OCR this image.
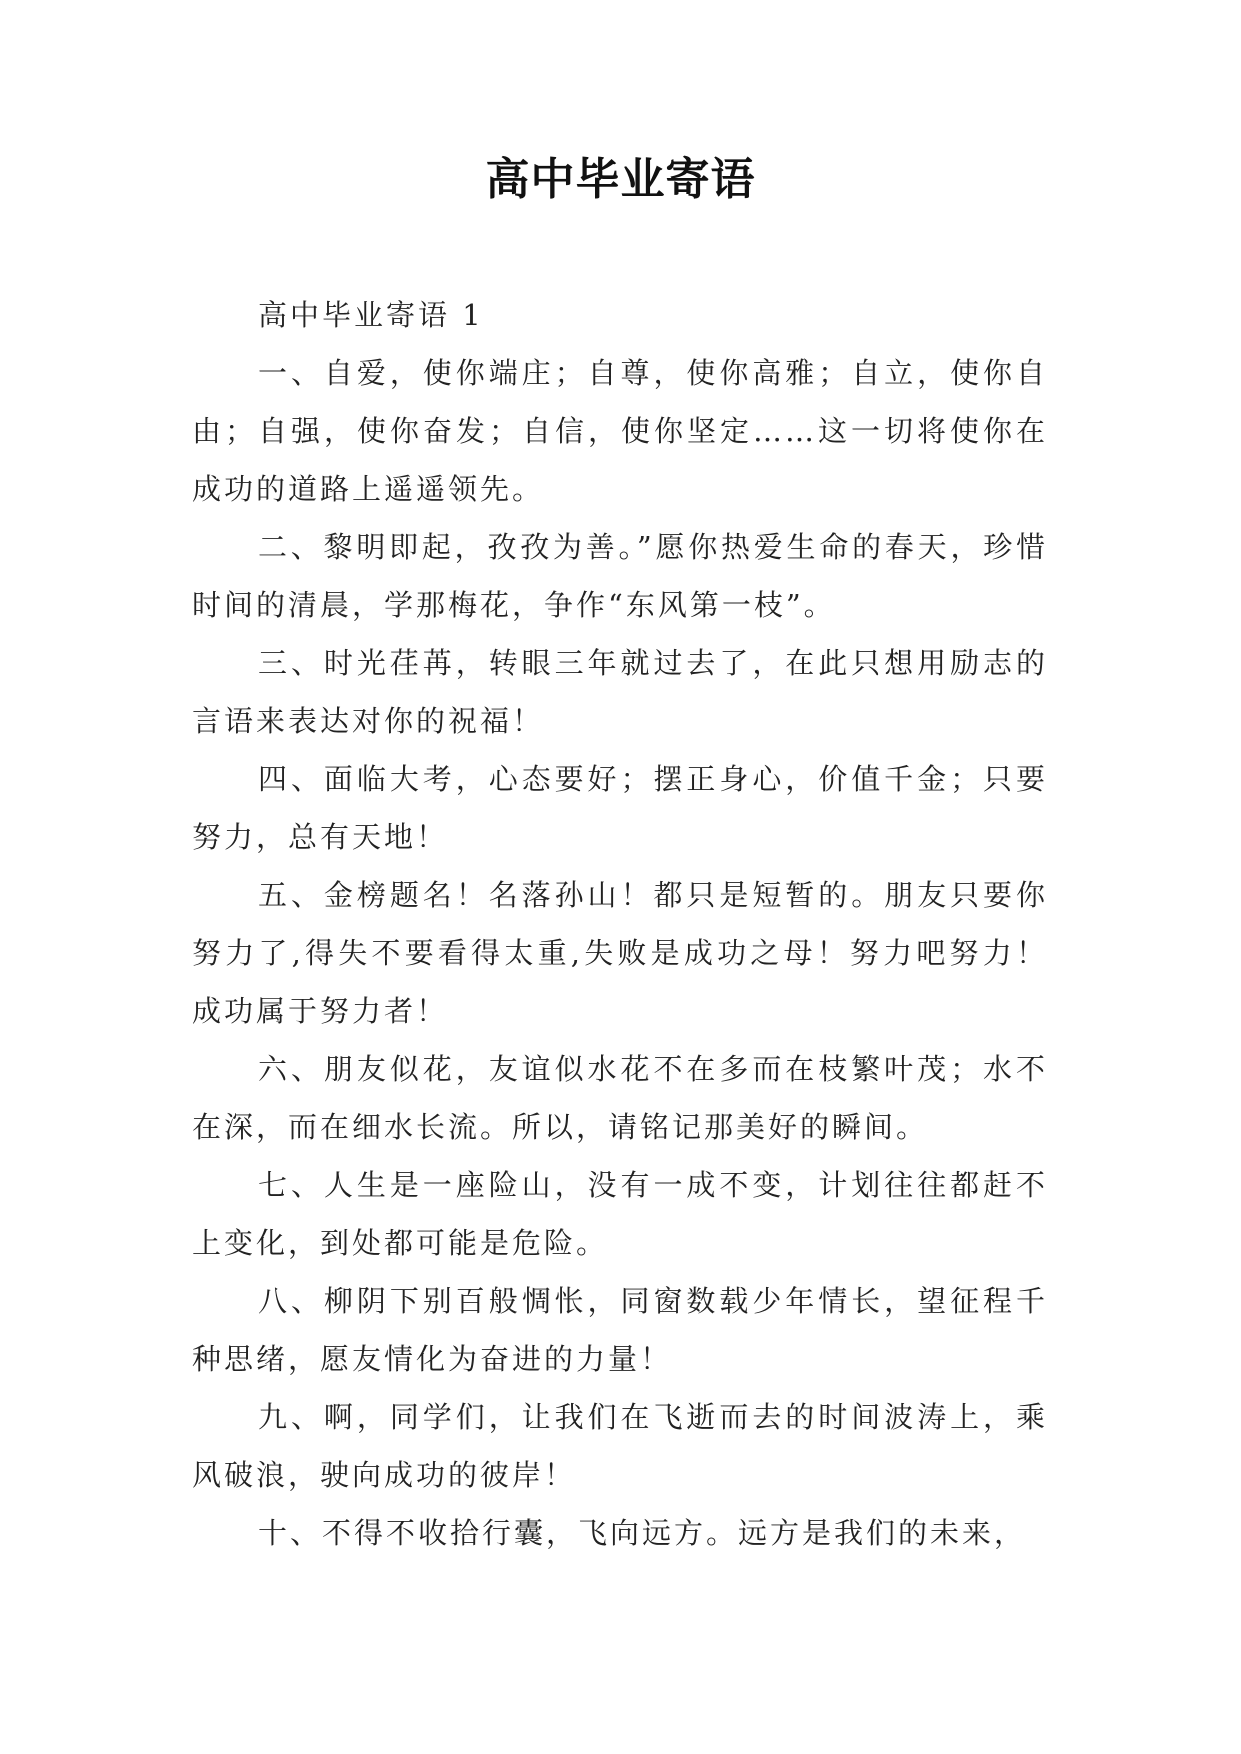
高中毕业寄语

高中毕业寄语 1

一、自爱，使你端庄；自尊，使你高雅；自立，使你自由；自强，使你奋发；自信，使你坚定……这一切将使你在成功的道路上遥遥领先。

二、黎明即起，孜孜为善。”愿你热爱生命的春天，珍惜时间的清晨，学那梅花，争作“东风第一枝”。

三、时光荏苒，转眼三年就过去了，在此只想用励志的言语来表达对你的祝福！

四、面临大考，心态要好；摆正身心，价值千金；只要努力，总有天地！

五、金榜题名！名落孙山！都只是短暂的。朋友只要你努力了,得失不要看得太重,失败是成功之母！努力吧努力！成功属于努力者！

六、朋友似花，友谊似水花不在多而在枝繁叶茂；水不在深，而在细水长流。所以，请铭记那美好的瞬间。

七、人生是一座险山，没有一成不变，计划往往都赶不上变化，到处都可能是危险。

八、柳阴下别百般惆怅，同窗数载少年情长，望征程千种思绪，愿友情化为奋进的力量！

九、啊，同学们，让我们在飞逝而去的时间波涛上，乘风破浪，驶向成功的彼岸！

十、不得不收拾行囊，飞向远方。远方是我们的未来，
